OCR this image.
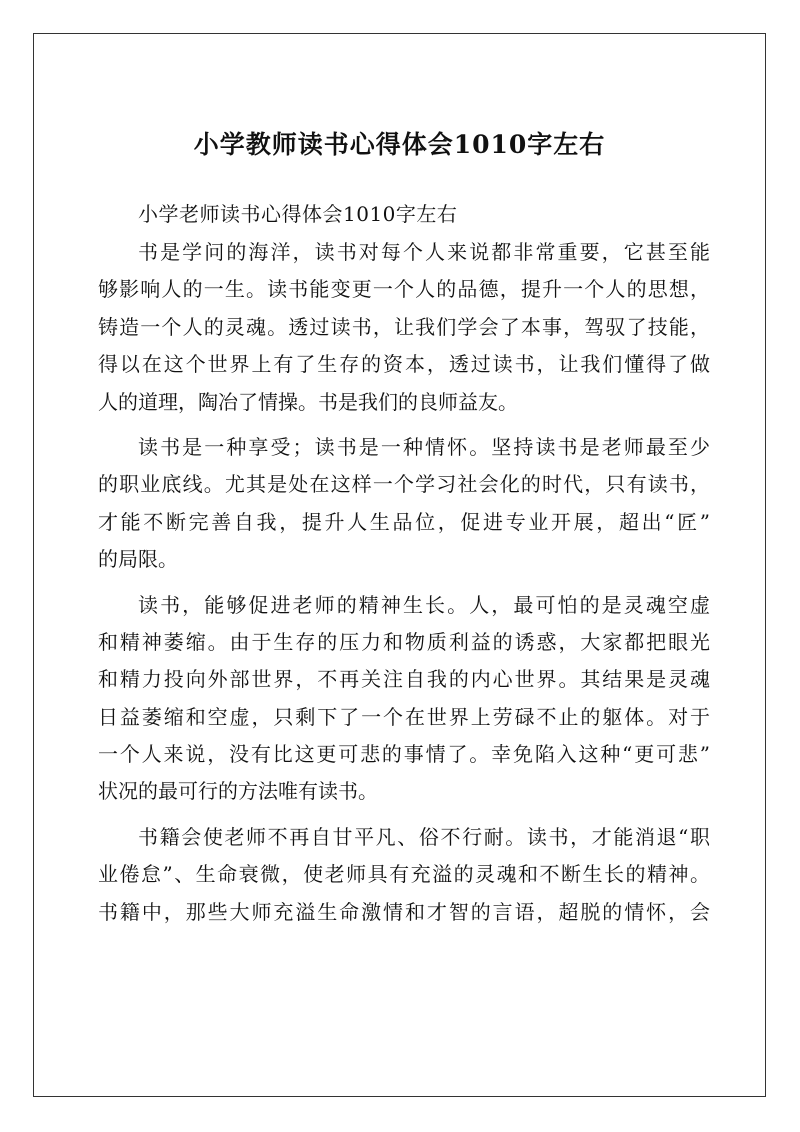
小学教师读书心得体会1010字左右

小学老师读书心得体会1010字左右

书是学问的海洋，读书对每个人来说都非常重要，它甚至能
够影响人的一生。读书能变更一个人的品德，提升一个人的思想，
铸造一个人的灵魂。透过读书，让我们学会了本事，驾驭了技能，
得以在这个世界上有了生存的资本，透过读书，让我们懂得了做
人的道理，陶冶了情操。书是我们的良师益友。

读书是一种享受；读书是一种情怀。坚持读书是老师最至少
的职业底线。尤其是处在这样一个学习社会化的时代，只有读书，
才能不断完善自我，提升人生品位，促进专业开展，超出“匠”
的局限。

读书，能够促进老师的精神生长。人，最可怕的是灵魂空虚
和精神萎缩。由于生存的压力和物质利益的诱惑，大家都把眼光
和精力投向外部世界，不再关注自我的内心世界。其结果是灵魂
日益萎缩和空虚，只剩下了一个在世界上劳碌不止的躯体。对于
一个人来说，没有比这更可悲的事情了。幸免陷入这种“更可悲”
状况的最可行的方法唯有读书。

书籍会使老师不再自甘平凡、俗不行耐。读书，才能消退“职
业倦怠”、生命衰微，使老师具有充溢的灵魂和不断生长的精神。
书籍中，那些大师充溢生命激情和才智的言语，超脱的情怀，会
